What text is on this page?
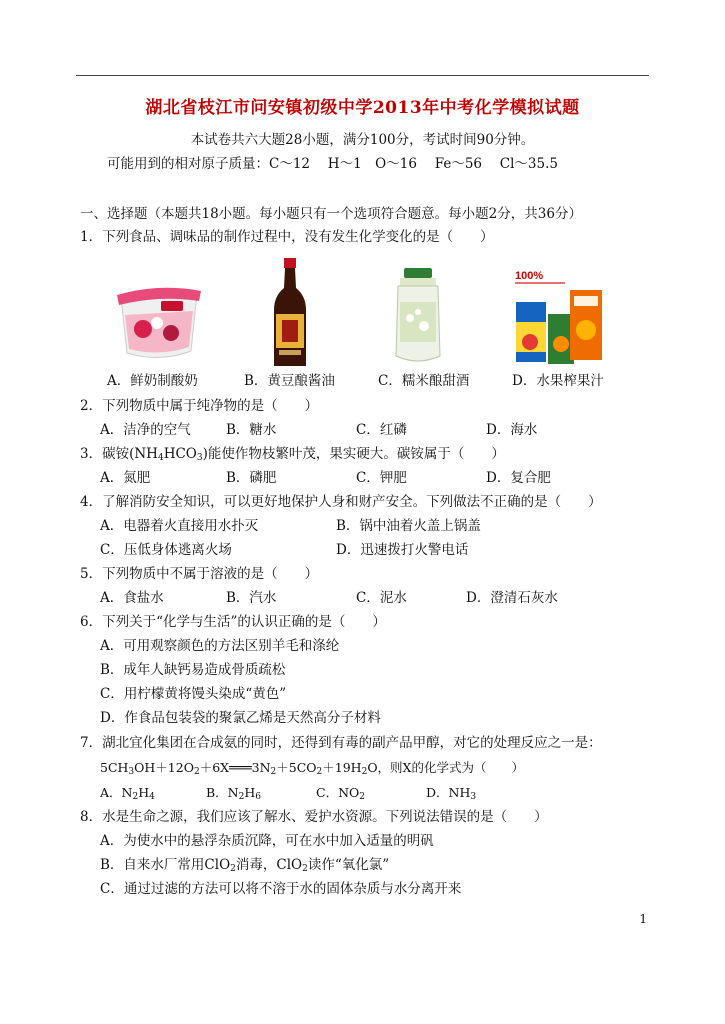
湖北省枝江市问安镇初级中学2013年中考化学模拟试题
本试卷共六大题28小题，满分100分，考试时间90分钟。
可能用到的相对原子质量：C～12　 H～1　O～16　 Fe～56　 Cl～35.5
一、选择题（本题共18小题。每小题只有一个选项符合题意。每小题2分，共36分）
1．下列食品、调味品的制作过程中，没有发生化学变化的是（　　）
100%
A．鲜奶制酸奶	B．黄豆酿酱油	C．糯米酿甜酒	D．水果榨果汁
2．下列物质中属于纯净物的是（　　）
A．洁净的空气	B．糖水	C．红磷	D．海水
3．碳铵$(NH_4HCO_3)$能使作物枝繁叶茂，果实硬大。碳铵属于（　　）
A．氮肥	B．磷肥	C．钾肥	D．复合肥
4．了解消防安全知识，可以更好地保护人身和财产安全。下列做法不正确的是（　　）
A．电器着火直接用水扑灭	B．锅中油着火盖上锅盖
C．压低身体逃离火场	D．迅速拨打火警电话
5．下列物质中不属于溶液的是（　　）
A．食盐水	B．汽水	C．泥水	D．澄清石灰水
6．下列关于“化学与生活”的认识正确的是（　　）
A．可用观察颜色的方法区别羊毛和涤纶
B．成年人缺钙易造成骨质疏松
C．用柠檬黄将馒头染成“黄色”
D．作食品包装袋的聚氯乙烯是天然高分子材料
7．湖北宜化集团在合成氨的同时，还得到有毒的副产品甲醇，对它的处理反应之一是：
$5CH_3OH+12O_2+6X═══3N_2+5CO_2+19H_2O$，则X的化学式为（　　）
A．$N_2H_4$	B．$N_2H_6$	C．$NO_2$	D．$NH_3$
8．水是生命之源，我们应该了解水、爱护水资源。下列说法错误的是（　　）
A．为使水中的悬浮杂质沉降，可在水中加入适量的明矾
B．自来水厂常用ClO$_2$消毒，ClO$_2$读作“氧化氯”
C．通过过滤的方法可以将不溶于水的固体杂质与水分离开来
1
